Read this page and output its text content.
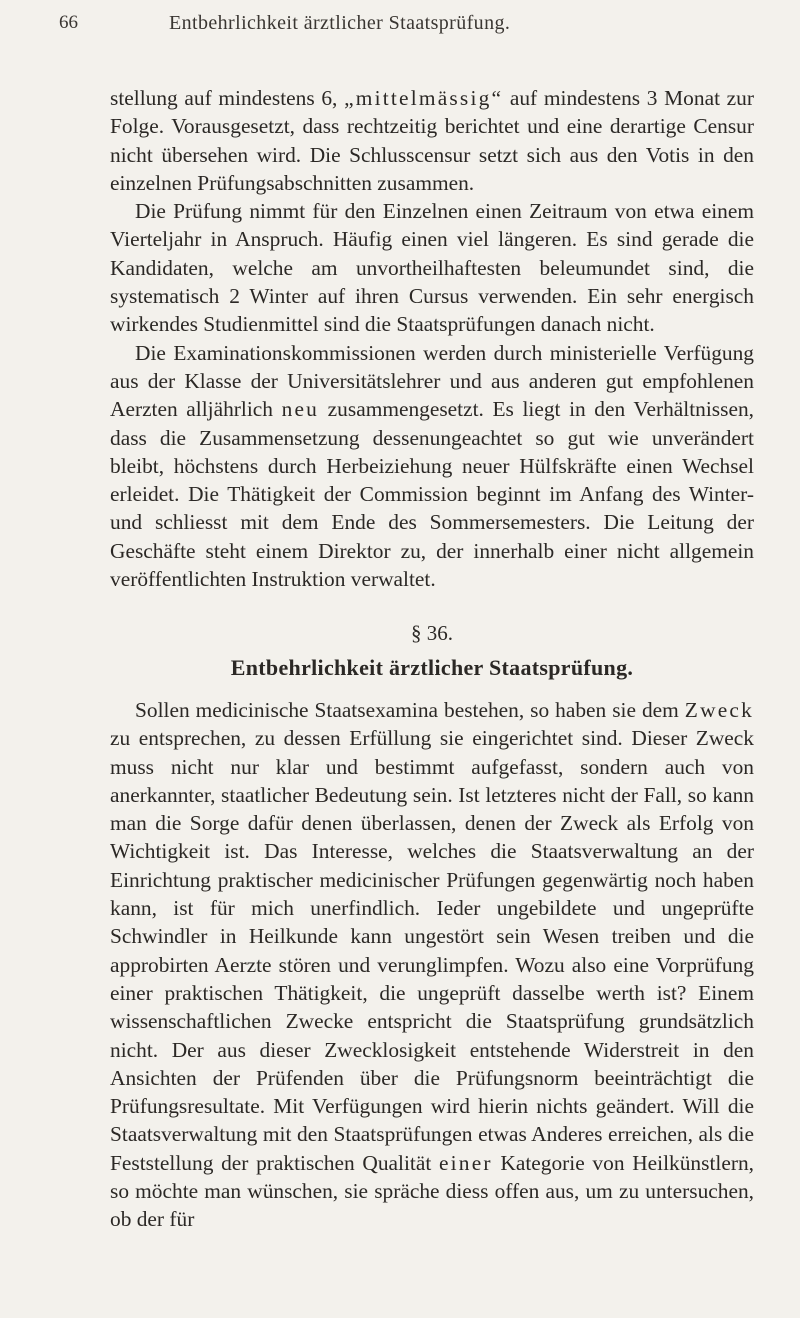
66	Entbehrlichkeit ärztlicher Staatsprüfung.

stellung auf mindestens 6, „mittelmässig“ auf mindestens 3 Monat zur Folge. Vorausgesetzt, dass rechtzeitig berichtet und eine derartige Censur nicht übersehen wird. Die Schlusscensur setzt sich aus den Votis in den einzelnen Prüfungsabschnitten zusammen.

Die Prüfung nimmt für den Einzelnen einen Zeitraum von etwa einem Vierteljahr in Anspruch. Häufig einen viel längeren. Es sind gerade die Kandidaten, welche am unvortheilhaftesten beleumundet sind, die systematisch 2 Winter auf ihren Cursus verwenden. Ein sehr energisch wirkendes Studienmittel sind die Staatsprüfungen danach nicht.

Die Examinationskommissionen werden durch ministerielle Verfügung aus der Klasse der Universitätslehrer und aus anderen gut empfohlenen Aerzten alljährlich neu zusammengesetzt. Es liegt in den Verhältnissen, dass die Zusammensetzung dessenungeachtet so gut wie unverändert bleibt, höchstens durch Herbeiziehung neuer Hülfskräfte einen Wechsel erleidet. Die Thätigkeit der Commission beginnt im Anfang des Winter- und schliesst mit dem Ende des Sommersemesters. Die Leitung der Geschäfte steht einem Direktor zu, der innerhalb einer nicht allgemein veröffentlichten Instruktion verwaltet.

§ 36.
Entbehrlichkeit ärztlicher Staatsprüfung.

Sollen medicinische Staatsexamina bestehen, so haben sie dem Zweck zu entsprechen, zu dessen Erfüllung sie eingerichtet sind. Dieser Zweck muss nicht nur klar und bestimmt aufgefasst, sondern auch von anerkannter, staatlicher Bedeutung sein. Ist letzteres nicht der Fall, so kann man die Sorge dafür denen überlassen, denen der Zweck als Erfolg von Wichtigkeit ist. Das Interesse, welches die Staatsverwaltung an der Einrichtung praktischer medicinischer Prüfungen gegenwärtig noch haben kann, ist für mich unerfindlich. Ieder ungebildete und ungeprüfte Schwindler in Heilkunde kann ungestört sein Wesen treiben und die approbirten Aerzte stören und verunglimpfen. Wozu also eine Vorprüfung einer praktischen Thätigkeit, die ungeprüft dasselbe werth ist? Einem wissenschaftlichen Zwecke entspricht die Staatsprüfung grundsätzlich nicht. Der aus dieser Zwecklosigkeit entstehende Widerstreit in den Ansichten der Prüfenden über die Prüfungsnorm beeinträchtigt die Prüfungsresultate. Mit Verfügungen wird hierin nichts geändert. Will die Staatsverwaltung mit den Staatsprüfungen etwas Anderes erreichen, als die Feststellung der praktischen Qualität einer Kategorie von Heilkünstlern, so möchte man wünschen, sie spräche diess offen aus, um zu untersuchen, ob der für
